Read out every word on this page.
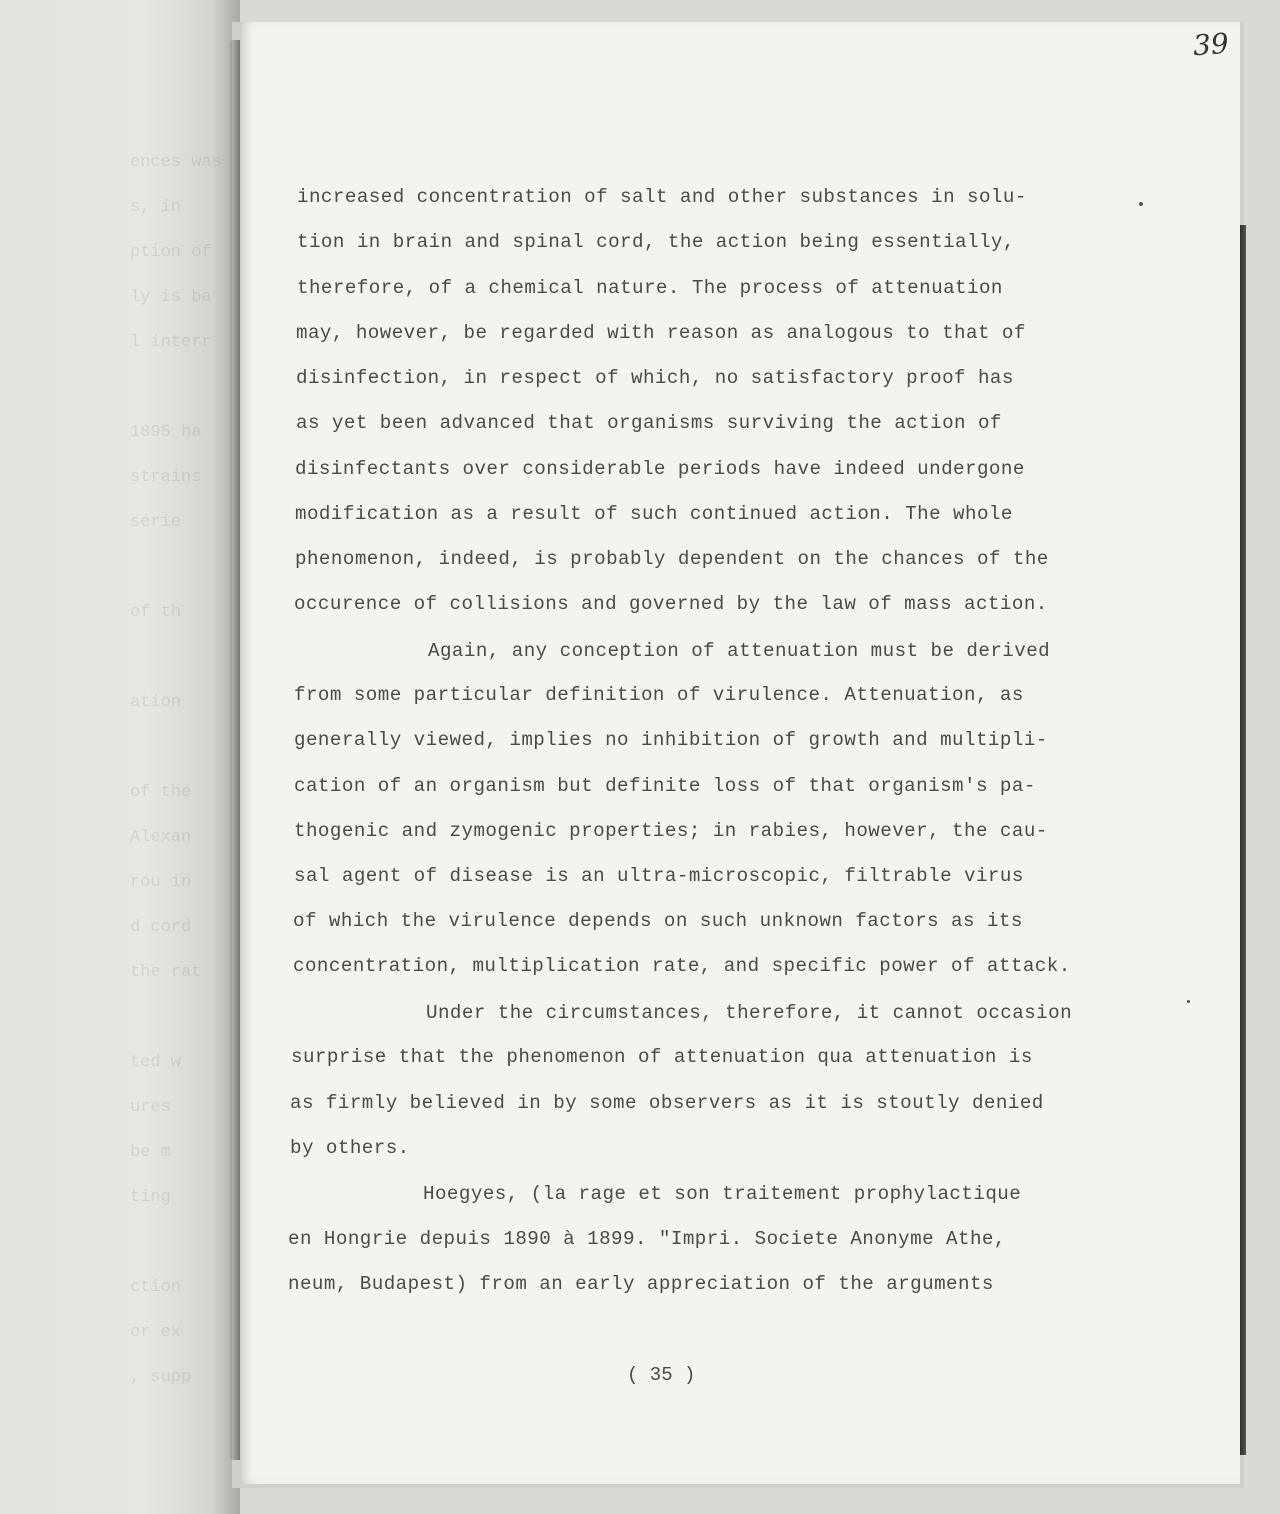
ences was
s, in
ption of
ly is ba
l interr
1895 ha
strains
serie
of th
ation
of the
Alexan
rou in
d cord
the rat
ted w
ures
be m
ting
ction
or ex
, supp
39
increased concentration of salt and other substances in solu-
tion in brain and spinal cord, the action being essentially,
therefore, of a chemical nature. The process of attenuation
may, however, be regarded with reason as analogous to that of
disinfection, in respect of which, no satisfactory proof has
as yet been advanced that organisms surviving the action of
disinfectants over considerable periods have indeed undergone
modification as a result of such continued action. The whole
phenomenon, indeed, is probably dependent on the chances of the
occurence of collisions and governed by the law of mass action.
Again, any conception of attenuation must be derived
from some particular definition of virulence. Attenuation, as
generally viewed, implies no inhibition of growth and multipli-
cation of an organism but definite loss of that organism's pa-
thogenic and zymogenic properties; in rabies, however, the cau-
sal agent of disease is an ultra-microscopic, filtrable virus
of which the virulence depends on such unknown factors as its
concentration, multiplication rate, and specific power of attack.
Under the circumstances, therefore, it cannot occasion
surprise that the phenomenon of attenuation qua attenuation is
as firmly believed in by some observers as it is stoutly denied
by others.
Hoegyes, (la rage et son traitement prophylactique
en Hongrie depuis 1890 à 1899. "Impri. Societe Anonyme Athe,
neum, Budapest) from an early appreciation of the arguments
( 35 )
